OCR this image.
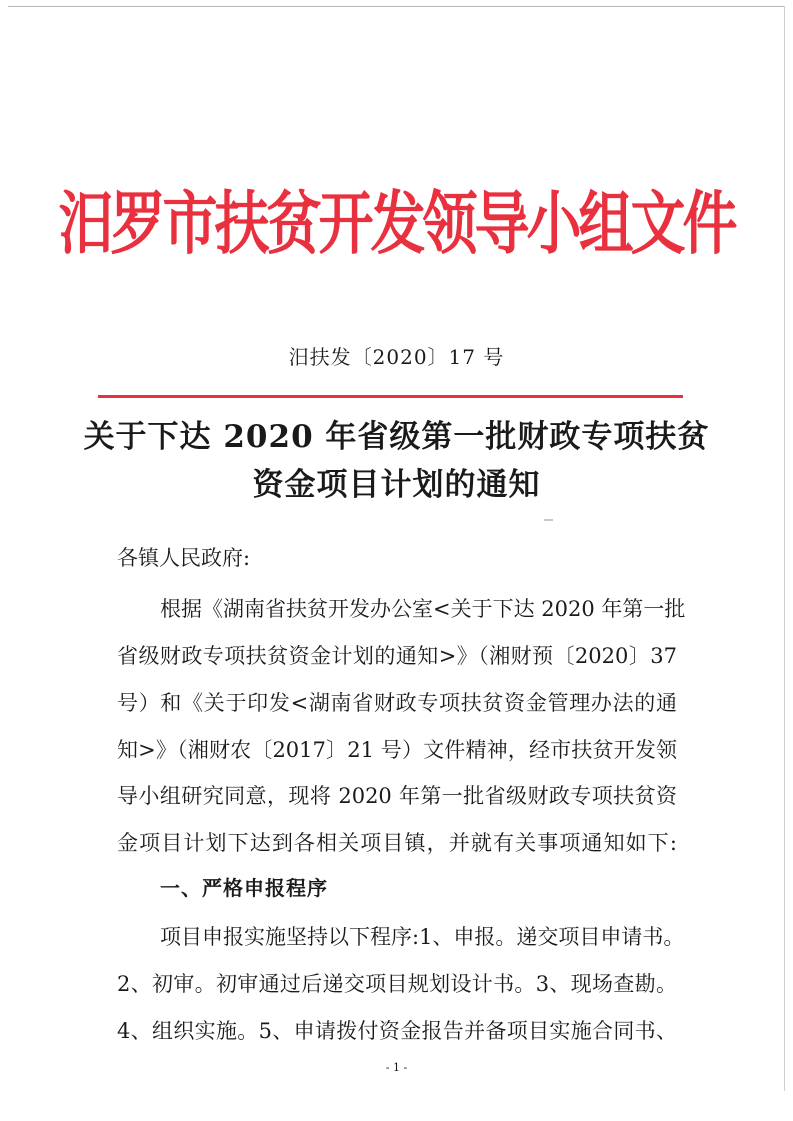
汨罗市扶贫开发领导小组文件
汨扶发〔2020〕17 号
关于下达 2020 年省级第一批财政专项扶贫
资金项目计划的通知
各镇人民政府:
根据《湖南省扶贫开发办公室<关于下达 2020 年第一批
省级财政专项扶贫资金计划的通知>》（湘财预〔2020〕37
号）和《关于印发<湖南省财政专项扶贫资金管理办法的通
知>》（湘财农〔2017〕21 号）文件精神，经市扶贫开发领
导小组研究同意，现将 2020 年第一批省级财政专项扶贫资
金项目计划下达到各相关项目镇，并就有关事项通知如下:
一、严格申报程序
项目申报实施坚持以下程序:1、申报。递交项目申请书。
2、初审。初审通过后递交项目规划设计书。3、现场查勘。
4、组织实施。5、申请拨付资金报告并备项目实施合同书、
- 1 -
